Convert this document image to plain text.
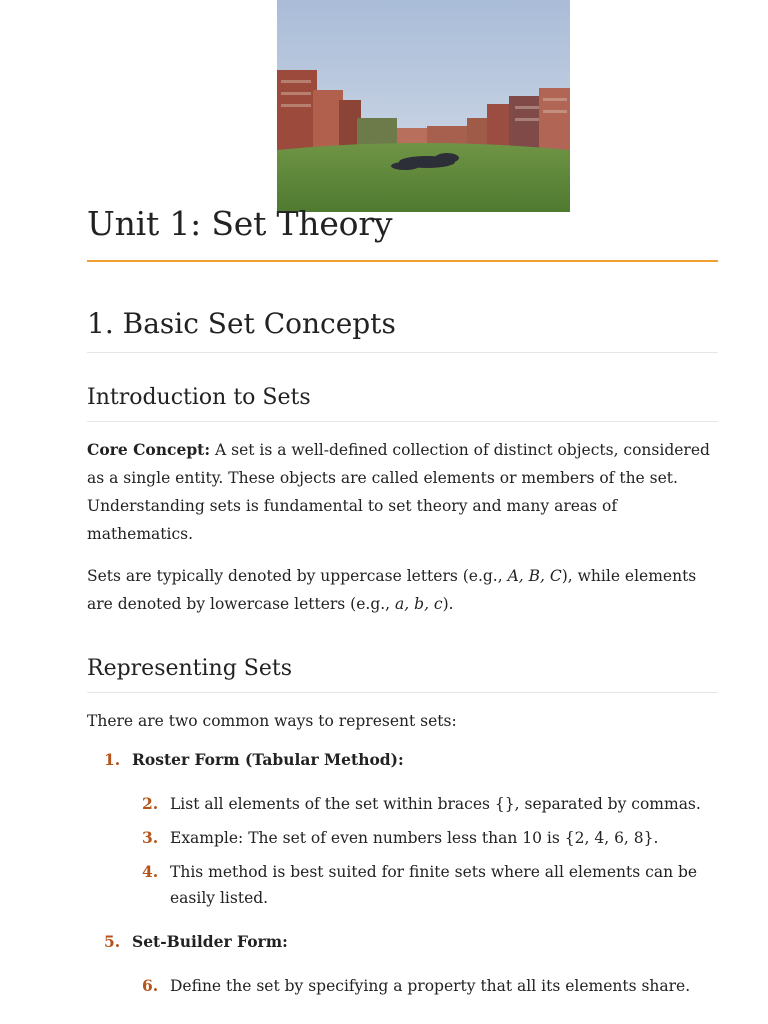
Unit 1: Set Theory
1. Basic Set Concepts
Introduction to Sets

Core Concept: A set is a well-defined collection of distinct objects, considered as a single entity. These objects are called elements or members of the set. Understanding sets is fundamental to set theory and many areas of mathematics.

Sets are typically denoted by uppercase letters (e.g., A, B, C), while elements are denoted by lowercase letters (e.g., a, b, c).

Representing Sets

There are two common ways to represent sets:

1. Roster Form (Tabular Method):
2. List all elements of the set within braces {}, separated by commas.
3. Example: The set of even numbers less than 10 is {2, 4, 6, 8}.
4. This method is best suited for finite sets where all elements can be easily listed.
5. Set-Builder Form:
6. Define the set by specifying a property that all its elements share.
